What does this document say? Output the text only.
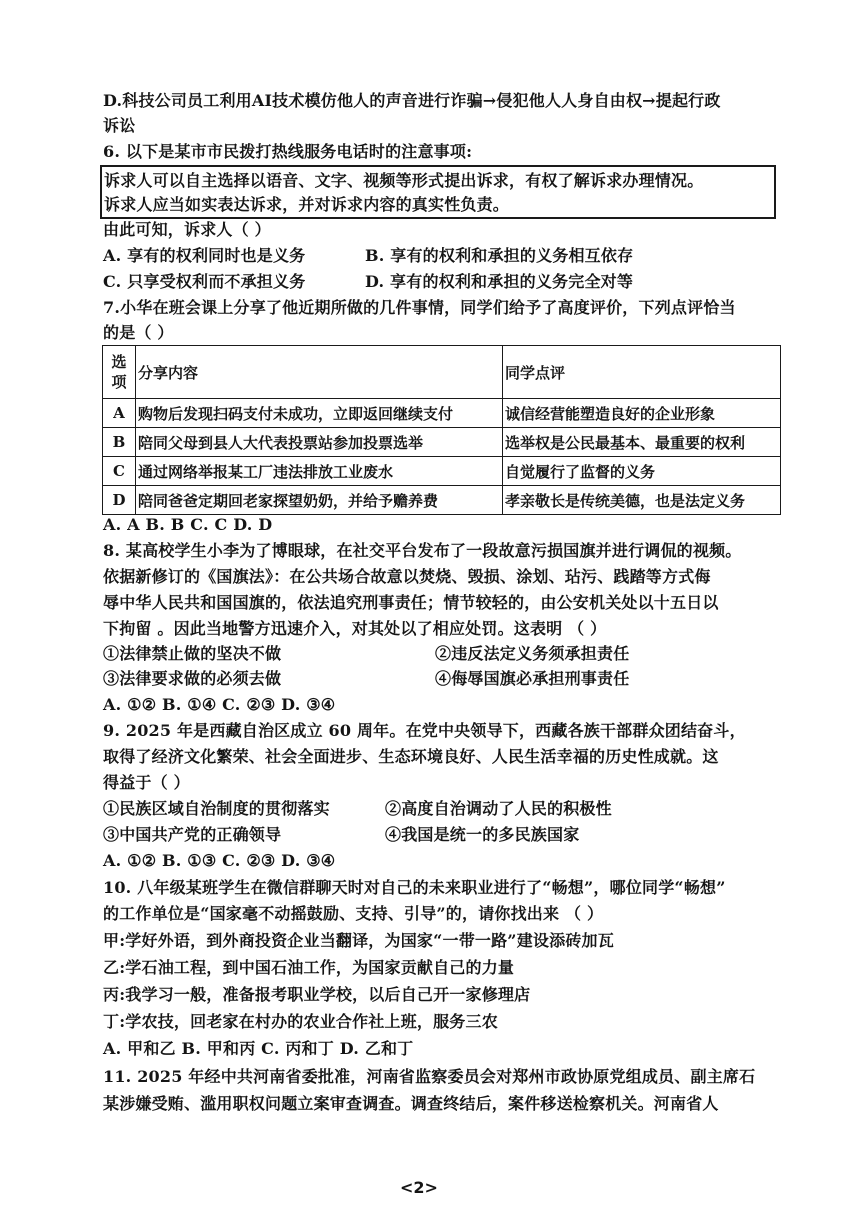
D.科技公司员工利用AI技术模仿他人的声音进行诈骗→侵犯他人人身自由权→提起行政
诉讼
6. 以下是某市市民拨打热线服务电话时的注意事项:
诉求人可以自主选择以语音、文字、视频等形式提出诉求，有权了解诉求办理情况。
诉求人应当如实表达诉求，并对诉求内容的真实性负责。
由此可知，诉求人（ ）
A. 享有的权利同时也是义务	B. 享有的权利和承担的义务相互依存
C. 只享受权利而不承担义务	D. 享有的权利和承担的义务完全对等
7.小华在班会课上分享了他近期所做的几件事情，同学们给予了高度评价，下列点评恰当
的是（ ）
选
项	分享内容	同学点评
A	购物后发现扫码支付未成功，立即返回继续支付	诚信经营能塑造良好的企业形象
B	陪同父母到县人大代表投票站参加投票选举	选举权是公民最基本、最重要的权利
C	通过网络举报某工厂违法排放工业废水	自觉履行了监督的义务
D	陪同爸爸定期回老家探望奶奶，并给予赡养费	孝亲敬长是传统美德，也是法定义务
A. A B. B C. C D. D
8. 某高校学生小李为了博眼球，在社交平台发布了一段故意污损国旗并进行调侃的视频。
依据新修订的《国旗法》：在公共场合故意以焚烧、毁损、涂划、玷污、践踏等方式侮
辱中华人民共和国国旗的，依法追究刑事责任；情节较轻的，由公安机关处以十五日以
下拘留 。因此当地警方迅速介入，对其处以了相应处罚。这表明 （ ）
①法律禁止做的坚决不做	②违反法定义务须承担责任
③法律要求做的必须去做	④侮辱国旗必承担刑事责任
A. ①② B. ①④ C. ②③ D. ③④
9. 2025 年是西藏自治区成立 60 周年。在党中央领导下，西藏各族干部群众团结奋斗，
取得了经济文化繁荣、社会全面进步、生态环境良好、人民生活幸福的历史性成就。这
得益于（ ）
①民族区域自治制度的贯彻落实	②高度自治调动了人民的积极性
③中国共产党的正确领导	④我国是统一的多民族国家
A. ①② B. ①③ C. ②③ D. ③④
10. 八年级某班学生在微信群聊天时对自己的未来职业进行了“畅想”，哪位同学“畅想”
的工作单位是“国家毫不动摇鼓励、支持、引导”的，请你找出来 （ ）
甲:学好外语，到外商投资企业当翻译，为国家“一带一路”建设添砖加瓦
乙:学石油工程，到中国石油工作，为国家贡献自己的力量
丙:我学习一般，准备报考职业学校，以后自己开一家修理店
丁:学农技，回老家在村办的农业合作社上班，服务三农
A. 甲和乙 B. 甲和丙 C. 丙和丁 D. 乙和丁
11. 2025 年经中共河南省委批准，河南省监察委员会对郑州市政协原党组成员、副主席石
某涉嫌受贿、滥用职权问题立案审查调查。调查终结后，案件移送检察机关。河南省人
<2>
